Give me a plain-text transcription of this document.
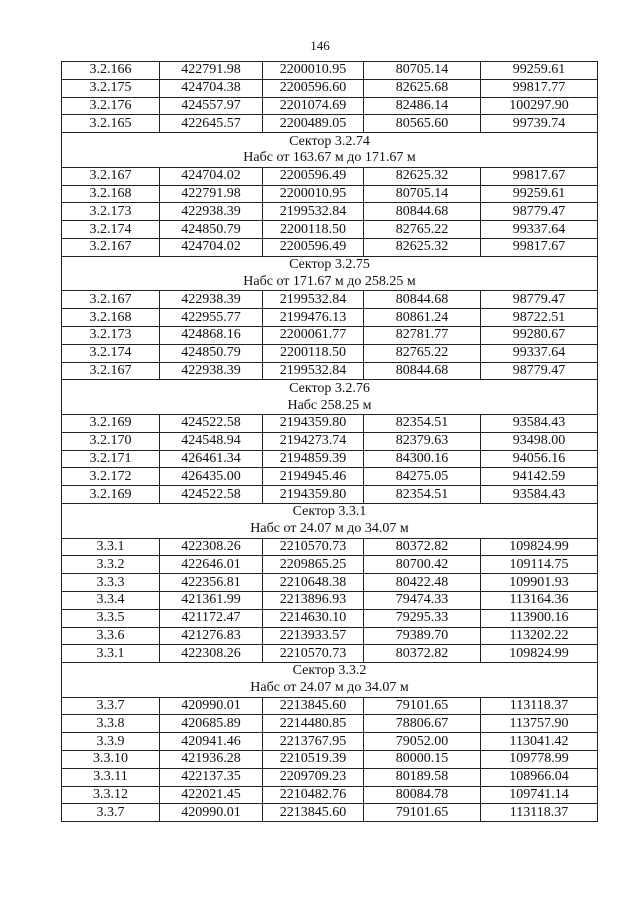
146
3.2.166	422791.98	2200010.95	80705.14	99259.61
3.2.175	424704.38	2200596.60	82625.68	99817.77
3.2.176	424557.97	2201074.69	82486.14	100297.90
3.2.165	422645.57	2200489.05	80565.60	99739.74
Сектор 3.2.74				
Набс от 163.67 м до 171.67 м				
3.2.167	424704.02	2200596.49	82625.32	99817.67
3.2.168	422791.98	2200010.95	80705.14	99259.61
3.2.173	422938.39	2199532.84	80844.68	98779.47
3.2.174	424850.79	2200118.50	82765.22	99337.64
3.2.167	424704.02	2200596.49	82625.32	99817.67
Сектор 3.2.75				
Набс от 171.67 м до 258.25 м				
3.2.167	422938.39	2199532.84	80844.68	98779.47
3.2.168	422955.77	2199476.13	80861.24	98722.51
3.2.173	424868.16	2200061.77	82781.77	99280.67
3.2.174	424850.79	2200118.50	82765.22	99337.64
3.2.167	422938.39	2199532.84	80844.68	98779.47
Сектор 3.2.76				
Набс 258.25 м				
3.2.169	424522.58	2194359.80	82354.51	93584.43
3.2.170	424548.94	2194273.74	82379.63	93498.00
3.2.171	426461.34	2194859.39	84300.16	94056.16
3.2.172	426435.00	2194945.46	84275.05	94142.59
3.2.169	424522.58	2194359.80	82354.51	93584.43
Сектор 3.3.1				
Набс от 24.07 м до 34.07 м				
3.3.1	422308.26	2210570.73	80372.82	109824.99
3.3.2	422646.01	2209865.25	80700.42	109114.75
3.3.3	422356.81	2210648.38	80422.48	109901.93
3.3.4	421361.99	2213896.93	79474.33	113164.36
3.3.5	421172.47	2214630.10	79295.33	113900.16
3.3.6	421276.83	2213933.57	79389.70	113202.22
3.3.1	422308.26	2210570.73	80372.82	109824.99
Сектор 3.3.2				
Набс от 24.07 м до 34.07 м				
3.3.7	420990.01	2213845.60	79101.65	113118.37
3.3.8	420685.89	2214480.85	78806.67	113757.90
3.3.9	420941.46	2213767.95	79052.00	113041.42
3.3.10	421936.28	2210519.39	80000.15	109778.99
3.3.11	422137.35	2209709.23	80189.58	108966.04
3.3.12	422021.45	2210482.76	80084.78	109741.14
3.3.7	420990.01	2213845.60	79101.65	113118.37
